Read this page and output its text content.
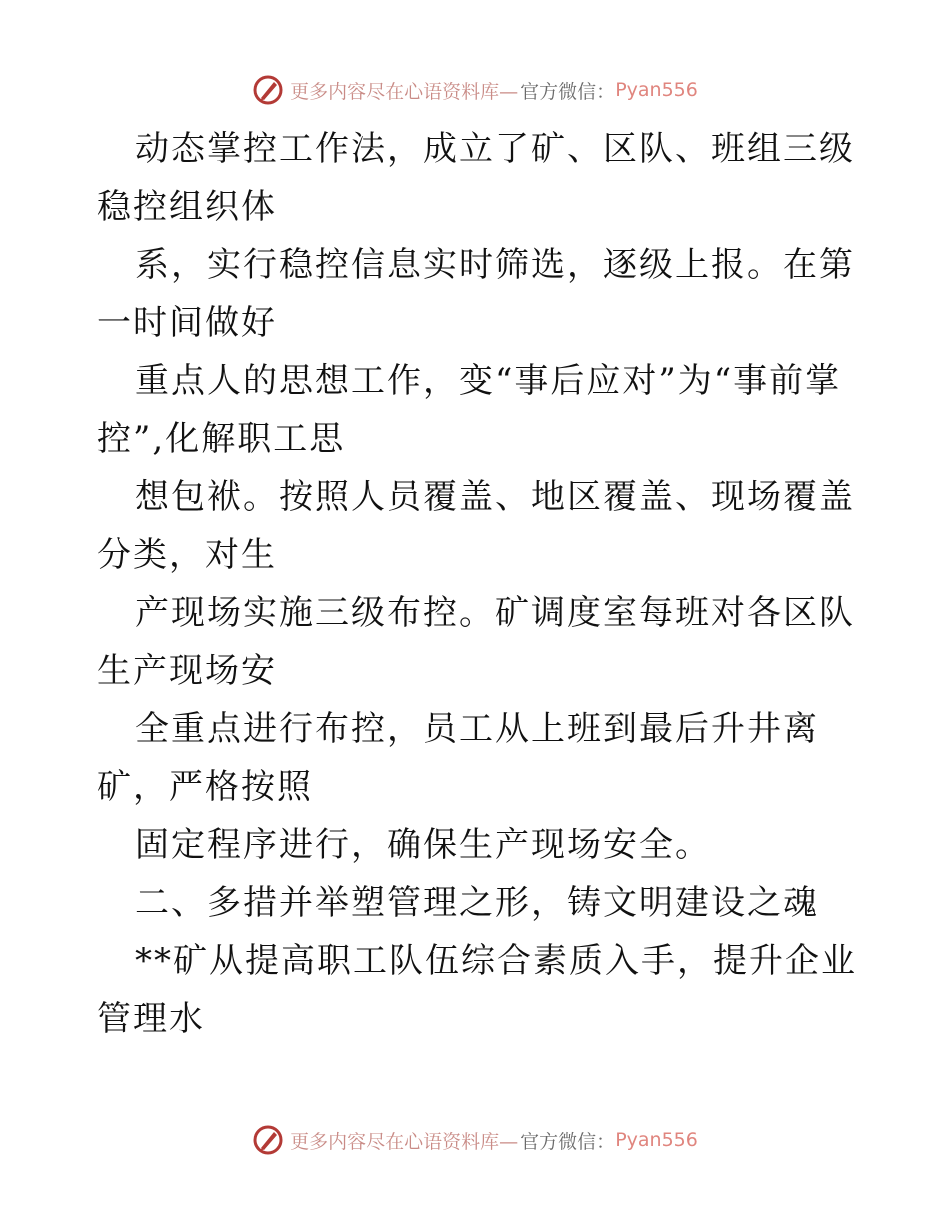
更多内容尽在心语资料库— 官方微信： Pyan556

动态掌控工作法，成立了矿、区队、班组三级稳控组织体

系，实行稳控信息实时筛选，逐级上报。在第一时间做好

重点人的思想工作，变“事后应对”为“事前掌控”,化解职工思

想包袱。按照人员覆盖、地区覆盖、现场覆盖分类，对生

产现场实施三级布控。矿调度室每班对各区队生产现场安

全重点进行布控，员工从上班到最后升井离矿，严格按照

固定程序进行，确保生产现场安全。

二、多措并举塑管理之形，铸文明建设之魂

**矿从提高职工队伍综合素质入手，提升企业管理水

更多内容尽在心语资料库— 官方微信： Pyan556
